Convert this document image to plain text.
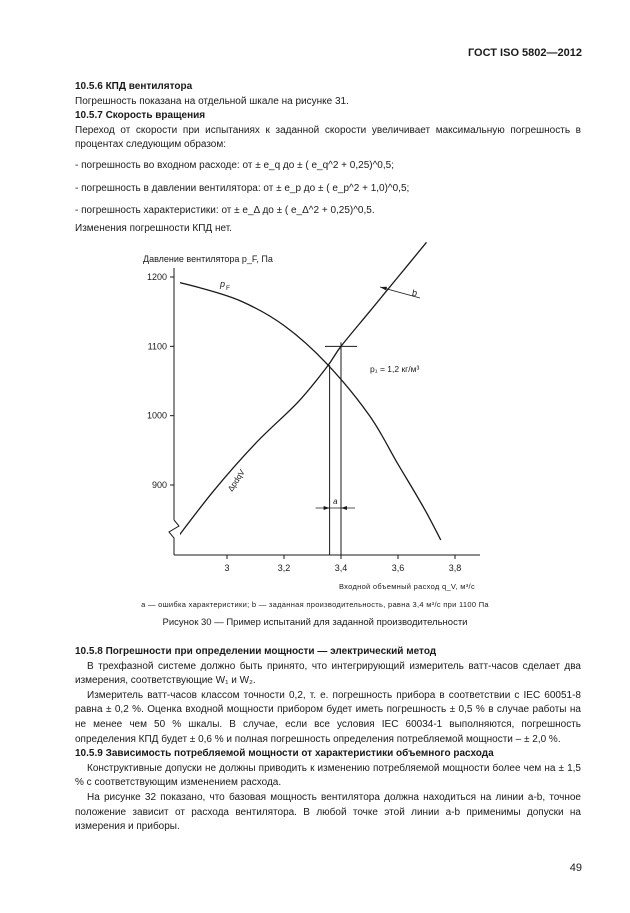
ГОСТ ISO 5802—2012

10.5.6 КПД вентилятора

Погрешность показана на отдельной шкале на рисунке 31.

10.5.7 Скорость вращения

Переход от скорости при испытаниях к заданной скорости увеличивает максимальную погрешность в процентах следующим образом:

- погрешность во входном расходе: от ± e_q до ± ( e_q^2 + 0,25)^0,5;

- погрешность в давлении вентилятора: от ± e_p до ± ( e_p^2 + 1,0)^0,5;

- погрешность характеристики: от ± e_Δ до ± ( e_Δ^2 + 0,25)^0,5.

Изменения погрешности КПД нет.

900
1000
1100
1200
3	3,2	3,4	3,6	3,8
Давление вентилятора p_F, Па
Входной объемный расход q_V, м³/с
a
b
p F
p₁ = 1,2 кг/м³
ΔpdqV
a — ошибка характеристики; b — заданная производительность, равна 3,4 м³/с при 1100 Па
Рисунок 30 — Пример испытаний для заданной производительности

10.5.8 Погрешности при определении мощности — электрический метод

В трехфазной системе должно быть принято, что интегрирующий измеритель ватт-часов сделает два измерения, соответствующие W₁ и W₂.

Измеритель ватт-часов классом точности 0,2, т. е. погрешность прибора в соответствии с IEC 60051-8 равна ± 0,2 %. Оценка входной мощности прибором будет иметь погрешность ± 0,5 % в случае работы на не менее чем 50 % шкалы. В случае, если все условия IEC 60034-1 выполняются, погрешность определения КПД будет ± 0,6 % и полная погрешность определения потребляемой мощности – ± 2,0 %.

10.5.9 Зависимость потребляемой мощности от характеристики объемного расхода

Конструктивные допуски не должны приводить к изменению потребляемой мощности более чем на ± 1,5 % с соответствующим изменением расхода.

На рисунке 32 показано, что базовая мощность вентилятора должна находиться на линии a-b, точное положение зависит от расхода вентилятора. В любой точке этой линии a-b применимы допуски на измерения и приборы.

49
